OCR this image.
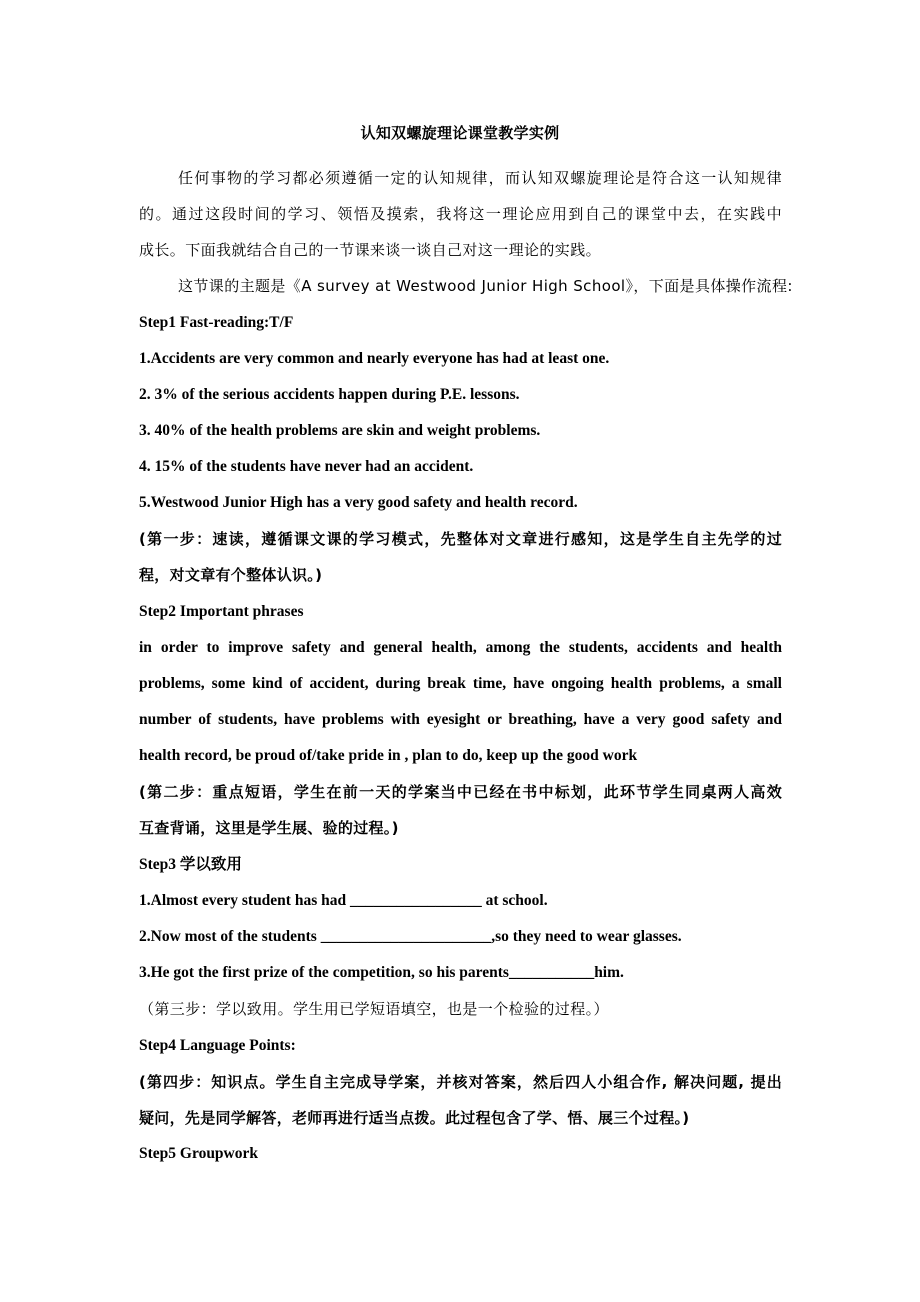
认知双螺旋理论课堂教学实例
任何事物的学习都必须遵循一定的认知规律，而认知双螺旋理论是符合这一认知规律
的。通过这段时间的学习、领悟及摸索，我将这一理论应用到自己的课堂中去，在实践中
成长。下面我就结合自己的一节课来谈一谈自己对这一理论的实践。
这节课的主题是《A survey at Westwood Junior High School》，下面是具体操作流程:
Step1 Fast-reading:T/F
1.Accidents are very common and nearly everyone has had at least one.
2. 3% of the serious accidents happen during P.E. lessons.
3. 40% of the health problems are skin and weight problems.
4. 15% of the students have never had an accident.
5.Westwood Junior High has a very good safety and health record.
(第一步：速读，遵循课文课的学习模式，先整体对文章进行感知，这是学生自主先学的过
程，对文章有个整体认识。)
Step2 Important phrases
in order to improve safety and general health, among the students, accidents and health
problems, some kind of accident, during break time, have ongoing health problems, a small
number of students, have problems with eyesight or breathing, have a very good safety and
health record, be proud of/take pride in , plan to do, keep up the good work
(第二步：重点短语，学生在前一天的学案当中已经在书中标划，此环节学生同桌两人高效
互查背诵，这里是学生展、验的过程。)
Step3 学以致用
1.Almost every student has had _________________ at school.
2.Now most of the students ______________________,so they need to wear glasses.
3.He got the first prize of the competition, so his parents___________him.
（第三步：学以致用。学生用已学短语填空，也是一个检验的过程。）
Step4 Language Points:
(第四步：知识点。学生自主完成导学案，并核对答案，然后四人小组合作, 解决问题, 提出
疑问，先是同学解答，老师再进行适当点拨。此过程包含了学、悟、展三个过程。)
Step5 Groupwork
